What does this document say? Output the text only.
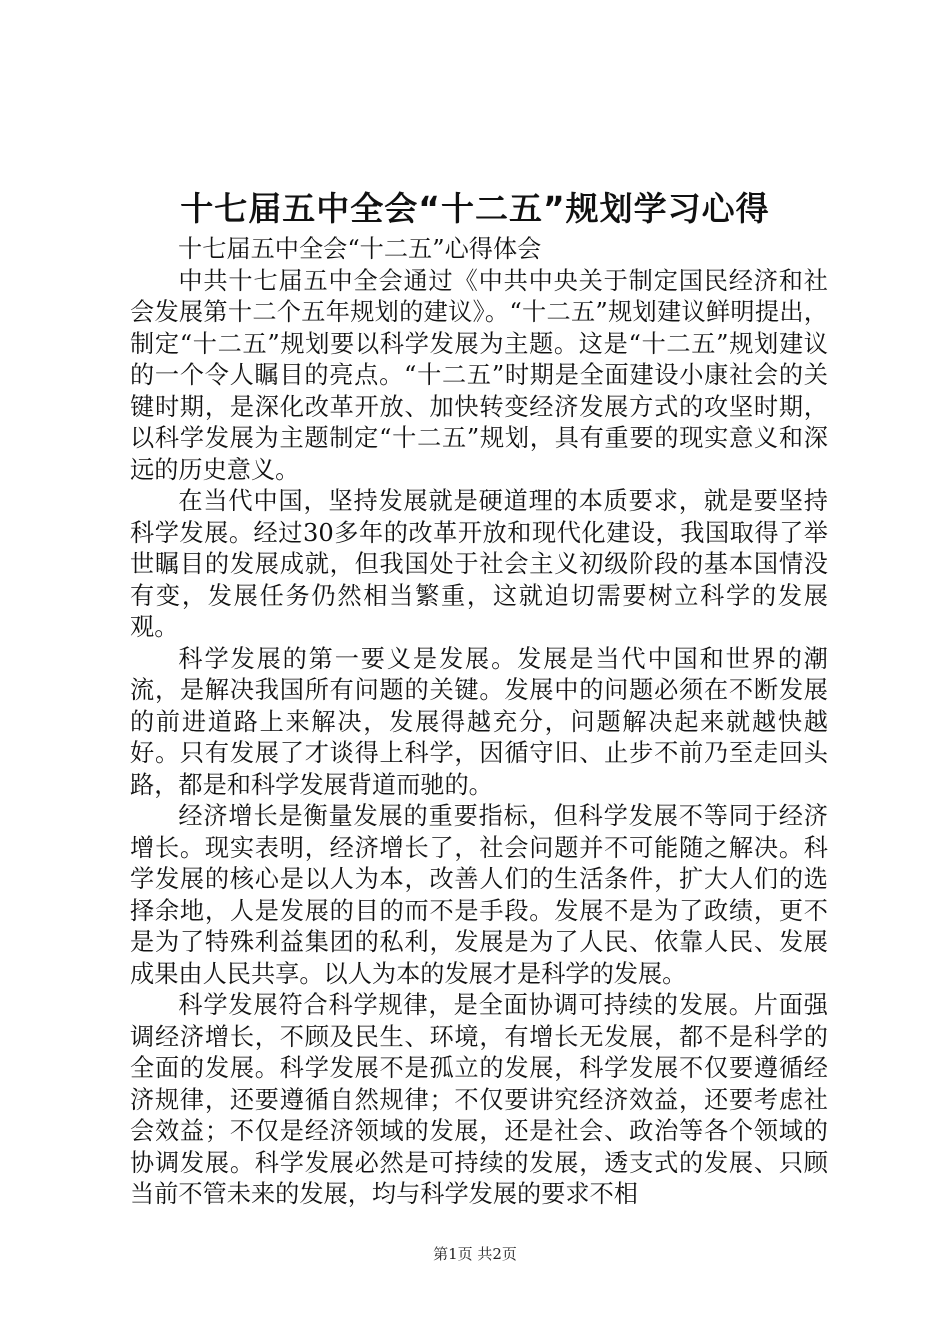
十七届五中全会“十二五”规划学习心得

十七届五中全会“十二五”心得体会

中共十七届五中全会通过《中共中央关于制定国民经济和社会发展第十二个五年规划的建议》。“十二五”规划建议鲜明提出，制定“十二五”规划要以科学发展为主题。这是“十二五”规划建议的一个令人瞩目的亮点。“十二五”时期是全面建设小康社会的关键时期，是深化改革开放、加快转变经济发展方式的攻坚时期，以科学发展为主题制定“十二五”规划，具有重要的现实意义和深远的历史意义。

在当代中国，坚持发展就是硬道理的本质要求，就是要坚持科学发展。经过30多年的改革开放和现代化建设，我国取得了举世瞩目的发展成就，但我国处于社会主义初级阶段的基本国情没有变，发展任务仍然相当繁重，这就迫切需要树立科学的发展观。

科学发展的第一要义是发展。发展是当代中国和世界的潮流，是解决我国所有问题的关键。发展中的问题必须在不断发展的前进道路上来解决，发展得越充分，问题解决起来就越快越好。只有发展了才谈得上科学，因循守旧、止步不前乃至走回头路，都是和科学发展背道而驰的。

经济增长是衡量发展的重要指标，但科学发展不等同于经济增长。现实表明，经济增长了，社会问题并不可能随之解决。科学发展的核心是以人为本，改善人们的生活条件，扩大人们的选择余地，人是发展的目的而不是手段。发展不是为了政绩，更不是为了特殊利益集团的私利，发展是为了人民、依靠人民、发展成果由人民共享。以人为本的发展才是科学的发展。

科学发展符合科学规律，是全面协调可持续的发展。片面强调经济增长，不顾及民生、环境，有增长无发展，都不是科学的全面的发展。科学发展不是孤立的发展，科学发展不仅要遵循经济规律，还要遵循自然规律；不仅要讲究经济效益，还要考虑社会效益；不仅是经济领域的发展，还是社会、政治等各个领域的协调发展。科学发展必然是可持续的发展，透支式的发展、只顾当前不管未来的发展，均与科学发展的要求不相

第1页 共2页
